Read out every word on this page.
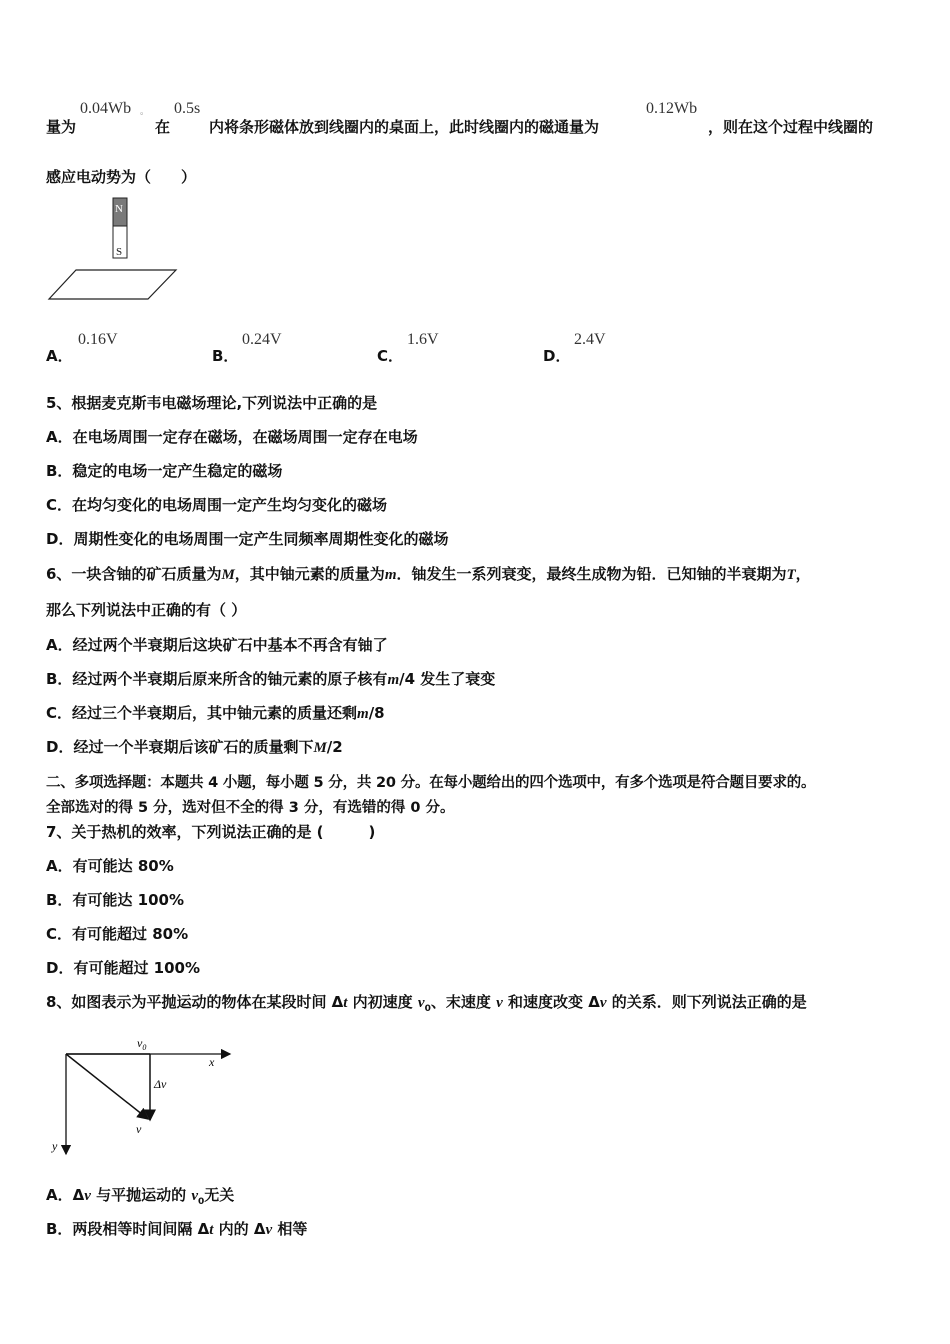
量为
0.04Wb 。
在
0.5s
内将条形磁体放到线圈内的桌面上，此时线圈内的磁通量为
0.12Wb
，则在这个过程中线圈的
感应电动势为（　　）
N
S
A．
0.16V
B．
0.24V
C．
1.6V
D．
2.4V
5、根据麦克斯韦电磁场理论,下列说法中正确的是
A．在电场周围一定存在磁场，在磁场周围一定存在电场
B．稳定的电场一定产生稳定的磁场
C．在均匀变化的电场周围一定产生均匀变化的磁场
D．周期性变化的电场周围一定产生同频率周期性变化的磁场
6、一块含铀的矿石质量为M，其中铀元素的质量为m．铀发生一系列衰变，最终生成物为铅．已知铀的半衰期为T，
那么下列说法中正确的有（ ）
A．经过两个半衰期后这块矿石中基本不再含有铀了
B．经过两个半衰期后原来所含的铀元素的原子核有m/4 发生了衰变
C．经过三个半衰期后，其中铀元素的质量还剩m/8
D．经过一个半衰期后该矿石的质量剩下M/2
二、多项选择题：本题共 4 小题，每小题 5 分，共 20 分。在每小题给出的四个选项中，有多个选项是符合题目要求的。
全部选对的得 5 分，选对但不全的得 3 分，有选错的得 0 分。
7、关于热机的效率，下列说法正确的是 (　　　)
A．有可能达 80%
B．有可能达 100%
C．有可能超过 80%
D．有可能超过 100%
8、如图表示为平抛运动的物体在某段时间 Δt 内初速度 $v_0$、末速度 v 和速度改变 Δv 的关系．则下列说法正确的是
$v_0$
x
Δv
v
y
A．Δv 与平抛运动的 $v_0$无关
B．两段相等时间间隔 Δt 内的 Δv 相等
